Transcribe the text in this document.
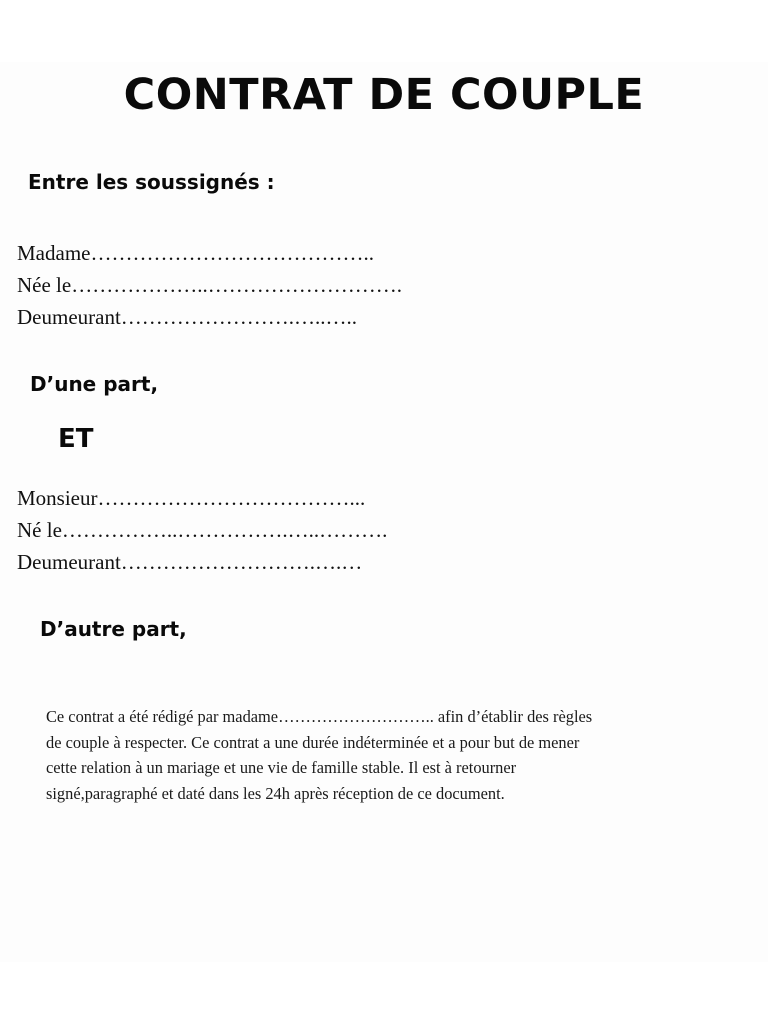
CONTRAT DE COUPLE
Entre les soussignés :
Madame…………………………………..
Née le………………..……………………….
Deumeurant…………………….…..…..
D’une part,
ET
Monsieur………………………………...
Né le……………..…………….…..……….
Deumeurant……………………….….…
D’autre part,
Ce contrat a été rédigé par madame……………………….. afin d’établir des règles
de couple à respecter. Ce contrat a une durée indéterminée et a pour but de mener
cette relation à un mariage et une vie de famille stable. Il est à retourner
signé,paragraphé et daté dans les 24h après réception de ce document.
